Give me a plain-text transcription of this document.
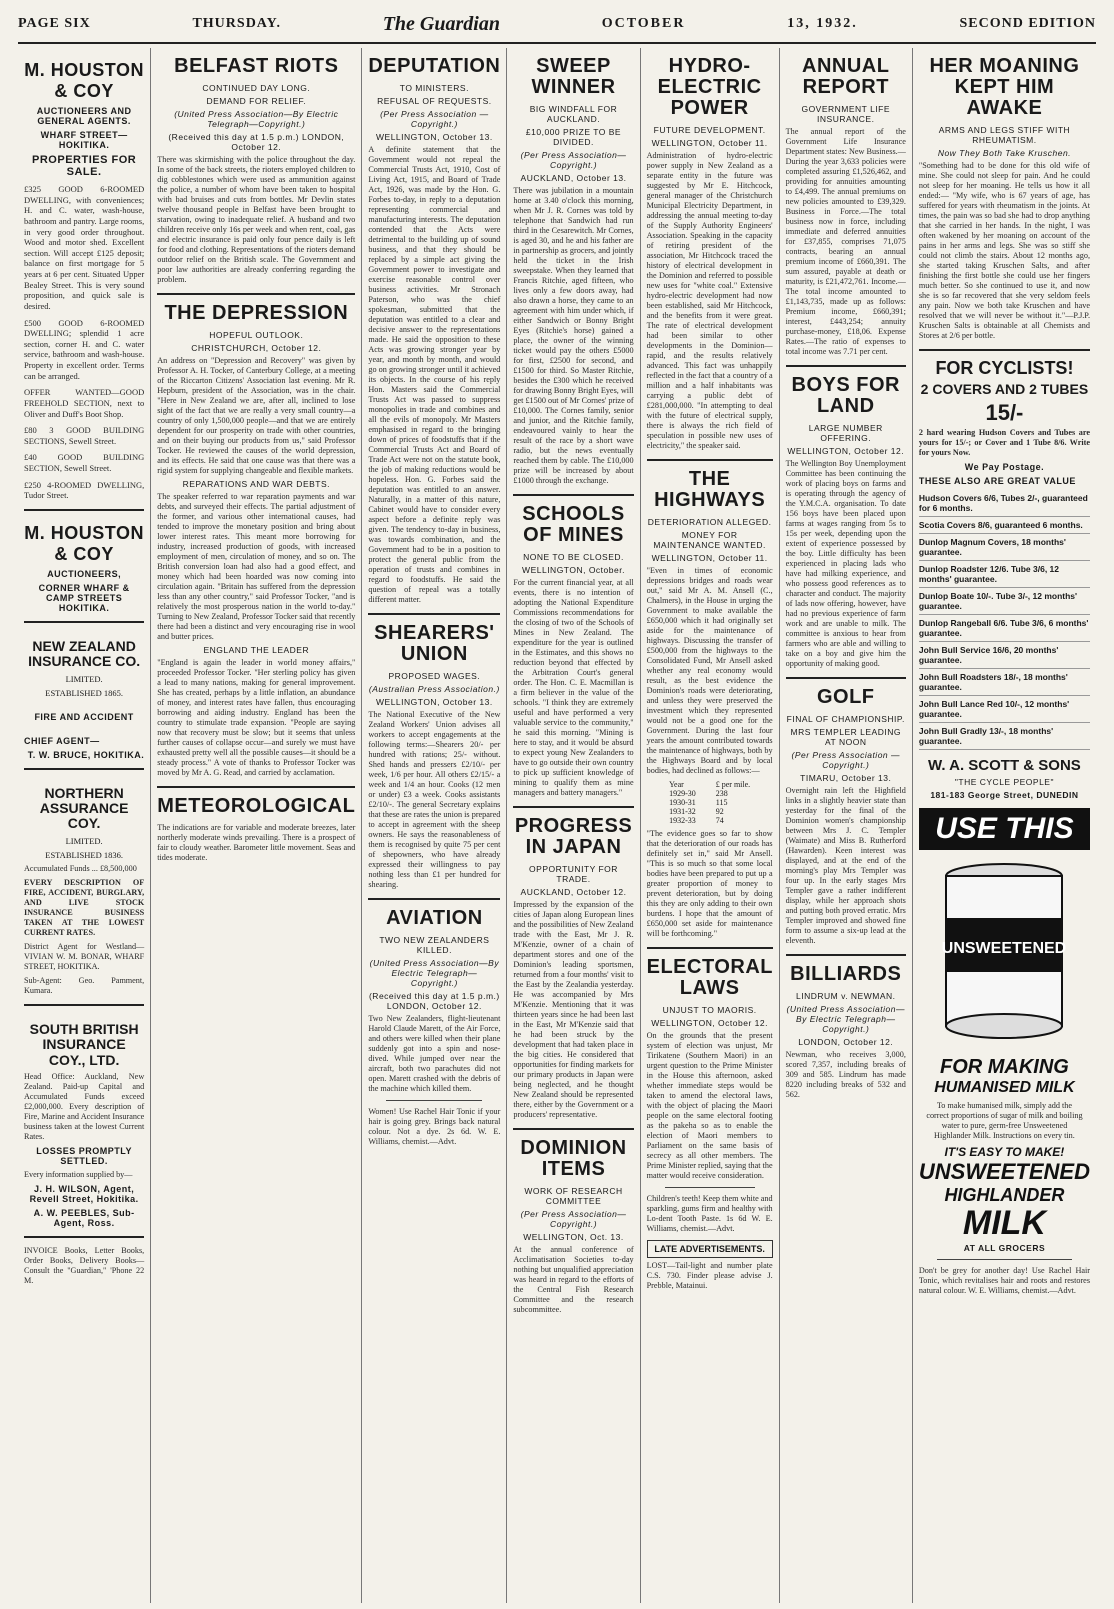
PAGE SIX	THURSDAY.	The Guardian	OCTOBER	13, 1932.	SECOND EDITION
M. HOUSTON & COY
AUCTIONEERS AND GENERAL AGENTS.
WHARF STREET—HOKITIKA.
PROPERTIES FOR SALE.
£325 GOOD 6-ROOMED DWELLING, with conveniences; H. and C. water, wash-house, bathroom and pantry. Large rooms, in very good order throughout. Wood and motor shed. Excellent section. Will accept £125 deposit; balance on first mortgage for 5 years at 6 per cent. Situated Upper Bealey Street. This is very sound proposition, and quick sale is desired.
£500 GOOD 6-ROOMED DWELLING; splendid 1 acre section, corner H. and C. water service, bathroom and wash-house. Property in excellent order. Terms can be arranged.
OFFER WANTED—GOOD FREEHOLD SECTION, next to Oliver and Duff's Boot Shop.
£80 3 GOOD BUILDING SECTIONS, Sewell Street.
£40 GOOD BUILDING SECTION, Sewell Street.
£250 4-ROOMED DWELLING, Tudor Street.
M. HOUSTON & COY
AUCTIONEERS,
CORNER WHARF & CAMP STREETS HOKITIKA.
NEW ZEALAND INSURANCE CO.
LIMITED.
ESTABLISHED 1865.
FIRE AND ACCIDENT
CHIEF AGENT—
T. W. BRUCE, HOKITIKA.
NORTHERN ASSURANCE COY.
LIMITED.
ESTABLISHED 1836.
Accumulated Funds ... £8,500,000
EVERY DESCRIPTION OF FIRE, ACCIDENT, BURGLARY, AND LIVE STOCK INSURANCE BUSINESS TAKEN AT THE LOWEST CURRENT RATES.
District Agent for Westland— VIVIAN W. M. BONAR, WHARF STREET, HOKITIKA.
Sub-Agent: Geo. Pamment, Kumara.
SOUTH BRITISH INSURANCE COY., LTD.
Head Office: Auckland, New Zealand. Paid-up Capital and Accumulated Funds exceed £2,000,000. Every description of Fire, Marine and Accident Insurance business taken at the lowest Current Rates.
LOSSES PROMPTLY SETTLED.
Every information supplied by—
J. H. WILSON, Agent, Revell Street, Hokitika.
A. W. PEEBLES, Sub-Agent, Ross.
INVOICE Books, Letter Books, Order Books, Delivery Books—Consult the "Guardian," 'Phone 22 M.
BELFAST RIOTS
CONTINUED DAY LONG.
DEMAND FOR RELIEF.
(United Press Association—By Electric Telegraph—Copyright.)
(Received this day at 1.5 p.m.) LONDON, October 12.
There was skirmishing with the police throughout the day. In some of the back streets, the rioters employed children to dig cobblestones which were used as ammunition against the police, a number of whom have been taken to hospital with bad bruises and cuts from bottles. Mr Devlin states twelve thousand people in Belfast have been brought to starvation, owing to inadequate relief. A husband and two children receive only 16s per week and when rent, coal, gas and electric insurance is paid only four pence daily is left for food and clothing. Representations of the rioters demand outdoor relief on the British scale. The Government and poor law authorities are already conferring regarding the problem.
THE DEPRESSION
HOPEFUL OUTLOOK.
CHRISTCHURCH, October 12.
An address on "Depression and Recovery" was given by Professor A. H. Tocker, of Canterbury College, at a meeting of the Riccarton Citizens' Association last evening. Mr R. Hepburn, president of the Association, was in the chair. "Here in New Zealand we are, after all, inclined to lose sight of the fact that we are really a very small country—a country of only 1,500,000 people—and that we are entirely dependent for our prosperity on trade with other countries, and on their buying our products from us," said Professor Tocker. He reviewed the causes of the world depression, and its effects. He said that one cause was that there was a rigid system for supplying changeable and flexible markets.
REPARATIONS AND WAR DEBTS.
The speaker referred to war reparation payments and war debts, and surveyed their effects. The partial adjustment of the former, and various other international causes, had tended to improve the monetary position and bring about lower interest rates. This meant more borrowing for industry, increased production of goods, with increased employment of men, circulation of money, and so on. The British conversion loan had also had a good effect, and money which had been hoarded was now coming into circulation again. "Britain has suffered from the depression less than any other country," said Professor Tocker, "and is relatively the most prosperous nation in the world to-day." Turning to New Zealand, Professor Tocker said that recently there had been a distinct and very encouraging rise in wool and butter prices.
ENGLAND THE LEADER
"England is again the leader in world money affairs," proceeded Professor Tocker. "Her sterling policy has given a lead to many nations, making for general improvement. She has created, perhaps by a little inflation, an abundance of money, and interest rates have fallen, thus encouraging borrowing and aiding industry. England has been the country to stimulate trade expansion. "People are saying now that recovery must be slow; but it seems that unless further causes of collapse occur—and surely we must have exhausted pretty well all the possible causes—it should be a steady process." A vote of thanks to Professor Tocker was moved by Mr A. G. Read, and carried by acclamation.
METEOROLOGICAL
The indications are for variable and moderate breezes, later northerly moderate winds prevailing. There is a prospect of fair to cloudy weather. Barometer little movement. Seas and tides moderate.
DEPUTATION
TO MINISTERS.
REFUSAL OF REQUESTS.
(Per Press Association — Copyright.)
WELLINGTON, October 13.
A definite statement that the Government would not repeal the Commercial Trusts Act, 1910, Cost of Living Act, 1915, and Board of Trade Act, 1926, was made by the Hon. G. Forbes to-day, in reply to a deputation representing commercial and manufacturing interests. The deputation contended that the Acts were detrimental to the building up of sound business, and that they should be replaced by a simple act giving the Government power to investigate and exercise reasonable control over business activities. Mr Stronach Paterson, who was the chief spokesman, submitted that the deputation was entitled to a clear and decisive answer to the representations made. He said the opposition to these Acts was growing stronger year by year, and month by month, and would go on growing stronger until it achieved its objects. In the course of his reply Hon. Masters said the Commercial Trusts Act was passed to suppress monopolies in trade and combines and all the evils of monopoly. Mr Masters emphasised in regard to the bringing down of prices of foodstuffs that if the Commercial Trusts Act and Board of Trade Act were not on the statute book, the job of making reductions would be hopeless. Hon. G. Forbes said the deputation was entitled to an answer. Naturally, in a matter of this nature, Cabinet would have to consider every aspect before a definite reply was given. The tendency to-day in business, was towards combination, and the Government had to be in a position to protect the general public from the operation of trusts and combines in regard to foodstuffs. He said the question of repeal was a totally different matter.
SHEARERS' UNION
PROPOSED WAGES.
(Australian Press Association.)
WELLINGTON, October 13.
The National Executive of the New Zealand Workers' Union advises all workers to accept engagements at the following terms:—Shearers 20/- per hundred with rations; 25/- without. Shed hands and pressers £2/10/- per week, 1/6 per hour. All others £2/15/- a week and 1/4 an hour. Cooks (12 men or under) £3 a week. Cooks assistants £2/10/-. The general Secretary explains that these are rates the union is prepared to accept in agreement with the sheep owners. He says the reasonableness of them is recognised by quite 75 per cent of shepowners, who have already expressed their willingness to pay nothing less than £1 per hundred for shearing.
AVIATION
TWO NEW ZEALANDERS KILLED.
(United Press Association—By Electric Telegraph—Copyright.)
(Received this day at 1.5 p.m.) LONDON, October 12.
Two New Zealanders, flight-lieutenant Harold Claude Marett, of the Air Force, and others were killed when their plane suddenly got into a spin and nose-dived. While jumped over near the aircraft, both two parachutes did not open. Marett crashed with the debris of the machine which killed them.
Women! Use Rachel Hair Tonic if your hair is going grey. Brings back natural colour. Not a dye. 2s 6d. W. E. Williams, chemist.—Advt.
SWEEP WINNER
BIG WINDFALL FOR AUCKLAND.
£10,000 PRIZE TO BE DIVIDED.
(Per Press Association—Copyright.)
AUCKLAND, October 13.
There was jubilation in a mountain home at 3.40 o'clock this morning, when Mr J. R. Cornes was told by telephone that Sandwich had run third in the Cesarewitch. Mr Cornes, is aged 30, and he and his father are in partnership as grocers, and jointly held the ticket in the Irish sweepstake. When they learned that Francis Ritchie, aged fifteen, who lives only a few doors away, had also drawn a horse, they came to an agreement with him under which, if either Sandwich or Bonny Bright Eyes (Ritchie's horse) gained a place, the owner of the winning ticket would pay the others £5000 for first, £2500 for second, and £1500 for third. So Master Ritchie, besides the £300 which he received for drawing Bonny Bright Eyes, will get £1500 out of Mr Cornes' prize of £10,000. The Cornes family, senior and junior, and the Ritchie family, endeavoured vainly to hear the result of the race by a short wave radio, but the news eventually reached them by cable. The £10,000 prize will be increased by about £1000 through the exchange.
SCHOOLS OF MINES
NONE TO BE CLOSED.
WELLINGTON, October.
For the current financial year, at all events, there is no intention of adopting the National Expenditure Commissions recommendations for the closing of two of the Schools of Mines in New Zealand. The expenditure for the year is outlined in the Estimates, and this shows no reduction beyond that effected by the Arbitration Court's general order. The Hon. C. E. Macmillan is a firm believer in the value of the schools. "I think they are extremely useful and have performed a very valuable service to the community," he said this morning. "Mining is here to stay, and it would be absurd to expect young New Zealanders to have to go outside their own country to pick up sufficient knowledge of mining to qualify them as mine managers and battery managers."
PROGRESS IN JAPAN
OPPORTUNITY FOR TRADE.
AUCKLAND, October 12.
Impressed by the expansion of the cities of Japan along European lines and the possibilities of New Zealand trade with the East, Mr J. R. M'Kenzie, owner of a chain of department stores and one of the Dominion's leading sportsmen, returned from a four months' visit to the East by the Zealandia yesterday. He was accompanied by Mrs M'Kenzie. Mentioning that it was thirteen years since he had been last in the East, Mr M'Kenzie said that he had been struck by the development that had taken place in the big cities. He considered that opportunities for finding markets for our primary products in Japan were being neglected, and he thought New Zealand should be represented there, either by the Government or a producers' representative.
DOMINION ITEMS
WORK OF RESEARCH COMMITTEE
(Per Press Association— Copyright.)
WELLINGTON, Oct. 13.
At the annual conference of Acclimatisation Societies to-day nothing but unqualified appreciation was heard in regard to the efforts of the Central Fish Research Committee and the research subcommittee.
HYDRO-ELECTRIC POWER
FUTURE DEVELOPMENT.
WELLINGTON, October 11.
Administration of hydro-electric power supply in New Zealand as a separate entity in the future was suggested by Mr E. Hitchcock, general manager of the Christchurch Municipal Electricity Department, in addressing the annual meeting to-day of the Supply Authority Engineers' Association. Speaking in the capacity of retiring president of the association, Mr Hitchcock traced the history of electrical development in the Dominion and referred to possible new uses for "white coal." Extensive hydro-electric development had now been established, said Mr Hitchcock, and the benefits from it were great. The rate of electrical development had been similar to other developments in the Dominion—rapid, and the results relatively advanced. This fact was unhappily reflected in the fact that a country of a million and a half inhabitants was carrying a public debt of £281,000,000. "In attempting to deal with the future of electrical supply, there is always the rich field of speculation in possible new uses of electricity," the speaker said.
THE HIGHWAYS
DETERIORATION ALLEGED.
MONEY FOR MAINTENANCE WANTED.
WELLINGTON, October 11.
"Even in times of economic depressions bridges and roads wear out," said Mr A. M. Ansell (C., Chalmers), in the House in urging the Government to make available the £650,000 which it had originally set aside for the maintenance of highways. Discussing the transfer of £500,000 from the highways to the Consolidated Fund, Mr Ansell asked whether any real economy would result, as the best evidence the Dominion's roads were deteriorating, and unless they were preserved the investment which they represented would not be a good one for the Government. During the last four years the amount contributed towards the maintenance of highways, both by the Highways Board and by local bodies, had declined as follows:—
Year	£ per mile.
1929-30	238
1930-31	115
1931-32	92
1932-33	74
"The evidence goes so far to show that the deterioration of our roads has definitely set in," said Mr Ansell. "This is so much so that some local bodies have been prepared to put up a greater proportion of money to prevent deterioration, but by doing this they are only adding to their own burdens. I hope that the amount of £650,000 set aside for maintenance will be forthcoming."
ELECTORAL LAWS
UNJUST TO MAORIS.
WELLINGTON, October 12.
On the grounds that the present system of election was unjust, Mr Tirikatene (Southern Maori) in an urgent question to the Prime Minister in the House this afternoon, asked whether immediate steps would be taken to amend the electoral laws, with the object of placing the Maori people on the same electoral footing as the pakeha so as to enable the election of Maori members to Parliament on the same basis of secrecy as all other members. The Prime Minister replied, saying that the matter would receive consideration.
Children's teeth! Keep them white and sparkling, gums firm and healthy with Lo-dent Tooth Paste. 1s 6d W. E. Williams, chemist.—Advt.
LATE ADVERTISEMENTS.
LOST—Tail-light and number plate C.S. 730. Finder please advise J. Prebble, Matainui.
ANNUAL REPORT
GOVERNMENT LIFE INSURANCE.
The annual report of the Government Life Insurance Department states: New Business.—During the year 3,633 policies were completed assuring £1,526,462, and providing for annuities amounting to £4,499. The annual premiums on new policies amounted to £39,329. Business in Force.—The total business now in force, including immediate and deferred annuities for £37,855, comprises 71,075 contracts, bearing an annual premium income of £660,391. The sum assured, payable at death or maturity, is £21,472,761. Income.—The total income amounted to £1,143,735, made up as follows: Premium income, £660,391; interest, £443,254; annuity purchase-money, £18,06. Expense Rates.—The ratio of expenses to total income was 7.71 per cent.
BOYS FOR LAND
LARGE NUMBER OFFERING.
WELLINGTON, October 12.
The Wellington Boy Unemployment Committee has been continuing the work of placing boys on farms and is operating through the agency of the Y.M.C.A. organisation. To date 156 boys have been placed upon farms at wages ranging from 5s to 15s per week, depending upon the extent of experience possessed by the boy. Little difficulty has been experienced in placing lads who have had milking experience, and who possess good references as to character and conduct. The majority of lads now offering, however, have had no previous experience of farm work and are unable to milk. The committee is anxious to hear from farmers who are able and willing to take on a boy and give him the opportunity of making good.
GOLF
FINAL OF CHAMPIONSHIP.
MRS TEMPLER LEADING AT NOON
(Per Press Association — Copyright.)
TIMARU, October 13.
Overnight rain left the Highfield links in a slightly heavier state than yesterday for the final of the Dominion women's championship between Mrs J. C. Templer (Waimate) and Miss B. Rutherford (Hawarden). Keen interest was displayed, and at the end of the morning's play Mrs Templer was four up. In the early stages Mrs Templer gave a rather indifferent display, while her approach shots and putting both proved erratic. Mrs Templer improved and showed fine form to assume a six-up lead at the eleventh.
BILLIARDS
LINDRUM v. NEWMAN.
(United Press Association—By Electric Telegraph—Copyright.)
LONDON, October 12.
Newman, who receives 3,000, scored 7,357, including breaks of 309 and 585. Lindrum has made 8220 including breaks of 532 and 562.
HER MOANING KEPT HIM AWAKE
ARMS AND LEGS STIFF WITH RHEUMATISM.
Now They Both Take Kruschen.
"Something had to be done for this old wife of mine. She could not sleep for pain. And he could not sleep for her moaning. He tells us how it all ended:— "My wife, who is 67 years of age, has suffered for years with rheumatism in the joints. At times, the pain was so bad she had to drop anything that she carried in her hands. In the night, I was often wakened by her moaning on account of the pains in her arms and legs. She was so stiff she could not climb the stairs. About 12 months ago, she started taking Kruschen Salts, and after finishing the first bottle she could use her fingers much better. So she continued to use it, and now she is so far recovered that she very seldom feels any pain. Now we both take Kruschen and have resolved that we will never be without it."—P.J.P. Kruschen Salts is obtainable at all Chemists and Stores at 2/6 per bottle.
FOR CYCLISTS!
2 COVERS AND 2 TUBES
15/-
2 hard wearing Hudson Covers and Tubes are yours for 15/-; or Cover and 1 Tube 8/6. Write for yours Now.
We Pay Postage.
THESE ALSO ARE GREAT VALUE
Hudson Covers 6/6, Tubes 2/-, guaranteed for 6 months.
Scotia Covers 8/6, guaranteed 6 months.
Dunlop Magnum Covers, 18 months' guarantee.
Dunlop Roadster 12/6. Tube 3/6, 12 months' guarantee.
Dunlop Boate 10/-. Tube 3/-, 12 months' guarantee.
Dunlop Rangeball 6/6. Tube 3/6, 6 months' guarantee.
John Bull Service 16/6, 20 months' guarantee.
John Bull Roadsters 18/-, 18 months' guarantee.
John Bull Lance Red 10/-, 12 months' guarantee.
John Bull Gradly 13/-, 18 months' guarantee.
W. A. SCOTT & SONS
"THE CYCLE PEOPLE"
181-183 George Street, DUNEDIN
USE THIS
UNSWEETENED
FOR MAKING
HUMANISED MILK
To make humanised milk, simply add the correct proportions of sugar of milk and boiling water to pure, germ-free Unsweetened Highlander Milk. Instructions on every tin.
IT'S EASY TO MAKE!
UNSWEETENED
HIGHLANDER
MILK
AT ALL GROCERS
Don't be grey for another day! Use Rachel Hair Tonic, which revitalises hair and roots and restores natural colour. W. E. Williams, chemist.—Advt.
